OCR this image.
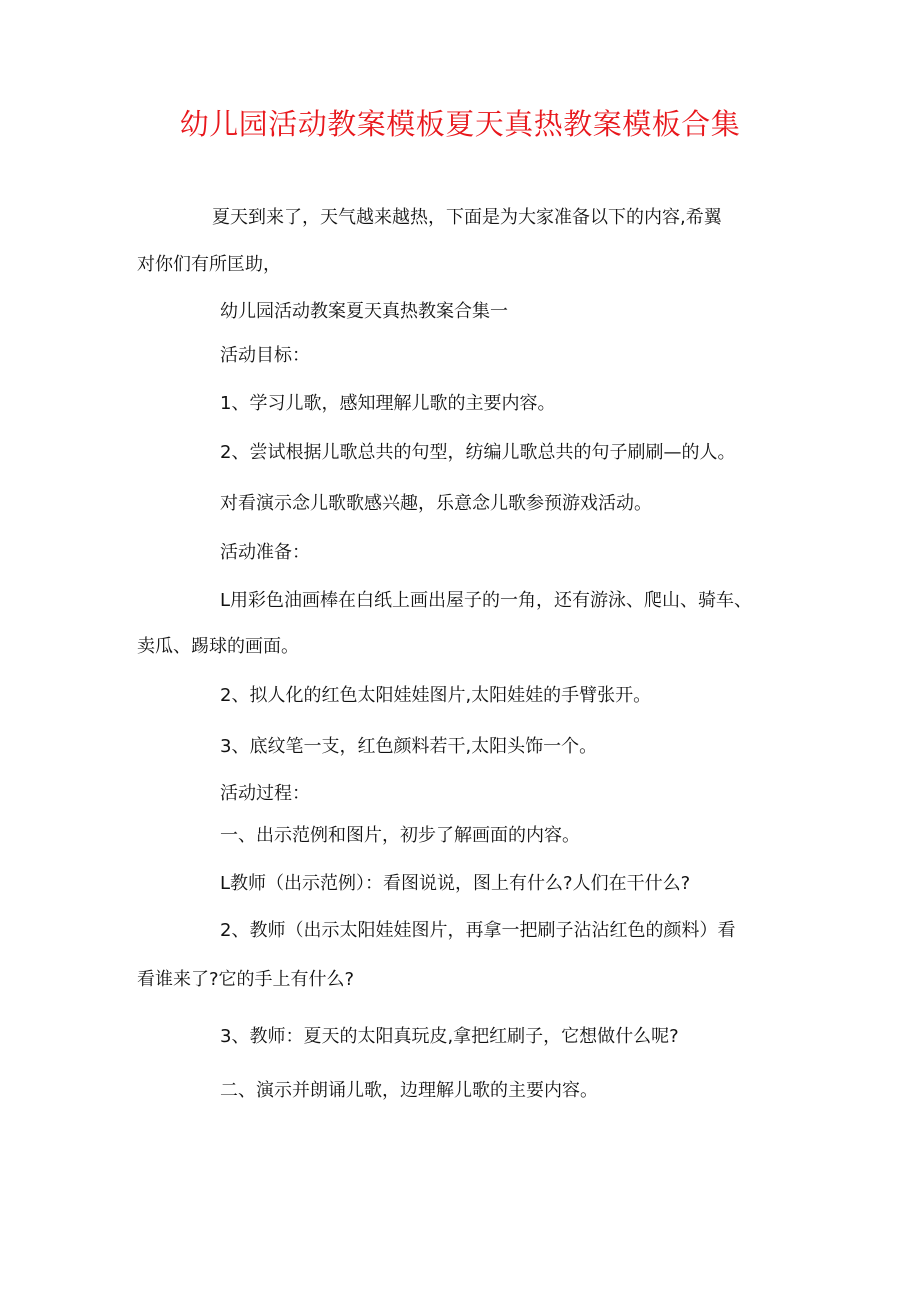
幼儿园活动教案模板夏天真热教案模板合集

夏天到来了，天气越来越热，下面是为大家准备以下的内容,希翼

对你们有所匡助，

幼儿园活动教案夏天真热教案合集一

活动目标：

1、学习儿歌，感知理解儿歌的主要内容。

2、尝试根据儿歌总共的句型，纺编儿歌总共的句子刷刷—的人。

对看演示念儿歌歌感兴趣，乐意念儿歌参预游戏活动。

活动准备：

L用彩色油画棒在白纸上画出屋子的一角，还有游泳、爬山、骑车、

卖瓜、踢球的画面。

2、拟人化的红色太阳娃娃图片,太阳娃娃的手臂张开。

3、底纹笔一支，红色颜料若干,太阳头饰一个。

活动过程：

一、出示范例和图片，初步了解画面的内容。

L教师（出示范例）：看图说说，图上有什么?人们在干什么?

2、教师（出示太阳娃娃图片，再拿一把刷子沾沾红色的颜料）看

看谁来了?它的手上有什么?

3、教师：夏天的太阳真玩皮,拿把红刷子，它想做什么呢?

二、演示并朗诵儿歌，边理解儿歌的主要内容。
